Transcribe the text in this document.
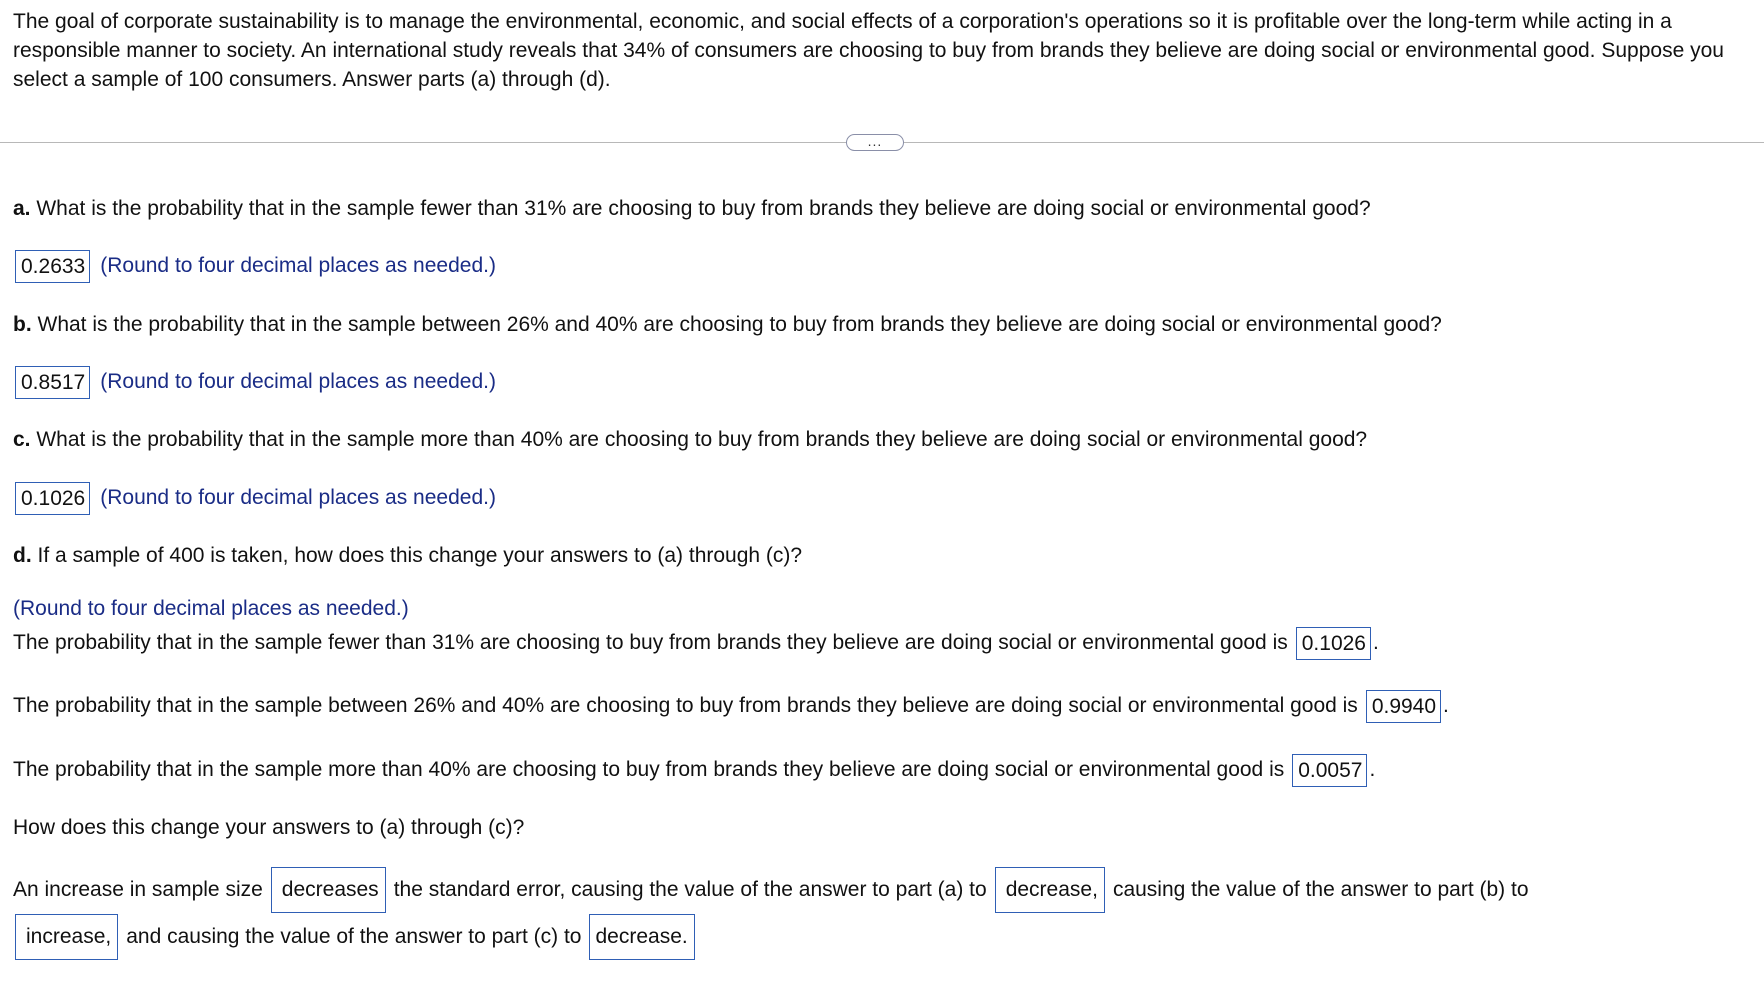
The goal of corporate sustainability is to manage the environmental, economic, and social effects of a corporation's operations so it is profitable over the long-term while acting in a responsible manner to society. An international study reveals that 34% of consumers are choosing to buy from brands they believe are doing social or environmental good. Suppose you select a sample of 100 consumers. Answer parts (a) through (d).

...

a. What is the probability that in the sample fewer than 31% are choosing to buy from brands they believe are doing social or environmental good?

0.2633 (Round to four decimal places as needed.)

b. What is the probability that in the sample between 26% and 40% are choosing to buy from brands they believe are doing social or environmental good?

0.8517 (Round to four decimal places as needed.)

c. What is the probability that in the sample more than 40% are choosing to buy from brands they believe are doing social or environmental good?

0.1026 (Round to four decimal places as needed.)

d. If a sample of 400 is taken, how does this change your answers to (a) through (c)?

(Round to four decimal places as needed.)
The probability that in the sample fewer than 31% are choosing to buy from brands they believe are doing social or environmental good is 0.1026 .
The probability that in the sample between 26% and 40% are choosing to buy from brands they believe are doing social or environmental good is 0.9940 .
The probability that in the sample more than 40% are choosing to buy from brands they believe are doing social or environmental good is 0.0057 .

How does this change your answers to (a) through (c)?

An increase in sample size decreases the standard error, causing the value of the answer to part (a) to decrease, causing the value of the answer to part (b) to
increase, and causing the value of the answer to part (c) to decrease.
